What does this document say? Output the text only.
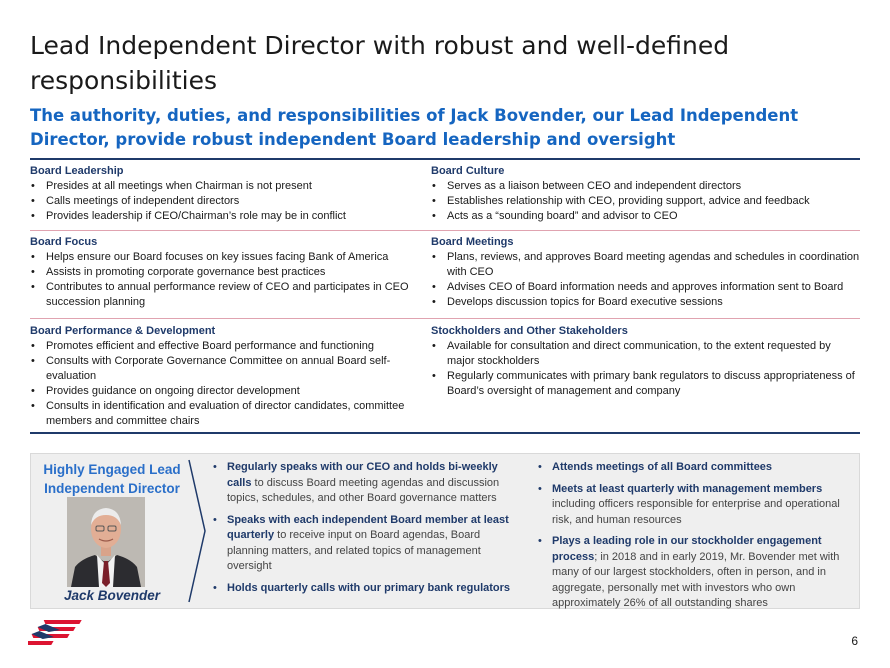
Lead Independent Director with robust and well-defined responsibilities
The authority, duties, and responsibilities of Jack Bovender, our Lead Independent Director, provide robust independent Board leadership and oversight
Board Leadership
• Presides at all meetings when Chairman is not present
• Calls meetings of independent directors
• Provides leadership if CEO/Chairman’s role may be in conflict
Board Culture
• Serves as a liaison between CEO and independent directors
• Establishes relationship with CEO, providing support, advice and feedback
• Acts as a “sounding board” and advisor to CEO
Board Focus
• Helps ensure our Board focuses on key issues facing Bank of America
• Assists in promoting corporate governance best practices
• Contributes to annual performance review of CEO and participates in CEO succession planning
Board Meetings
• Plans, reviews, and approves Board meeting agendas and schedules in coordination with CEO
• Advises CEO of Board information needs and approves information sent to Board
• Develops discussion topics for Board executive sessions
Board Performance & Development
• Promotes efficient and effective Board performance and functioning
• Consults with Corporate Governance Committee on annual Board self-evaluation
• Provides guidance on ongoing director development
• Consults in identification and evaluation of director candidates, committee members and committee chairs
Stockholders and Other Stakeholders
• Available for consultation and direct communication, to the extent requested by major stockholders
• Regularly communicates with primary bank regulators to discuss appropriateness of Board’s oversight of management and company
Highly Engaged Lead Independent Director
Jack Bovender
• Regularly speaks with our CEO and holds bi-weekly calls to discuss Board meeting agendas and discussion topics, schedules, and other Board governance matters
• Speaks with each independent Board member at least quarterly to receive input on Board agendas, Board planning matters, and related topics of management oversight
• Holds quarterly calls with our primary bank regulators
• Attends meetings of all Board committees
• Meets at least quarterly with management members including officers responsible for enterprise and operational risk, and human resources
• Plays a leading role in our stockholder engagement process; in 2018 and in early 2019, Mr. Bovender met with many of our largest stockholders, often in person, and in aggregate, personally met with investors who own approximately 26% of all outstanding shares
6
